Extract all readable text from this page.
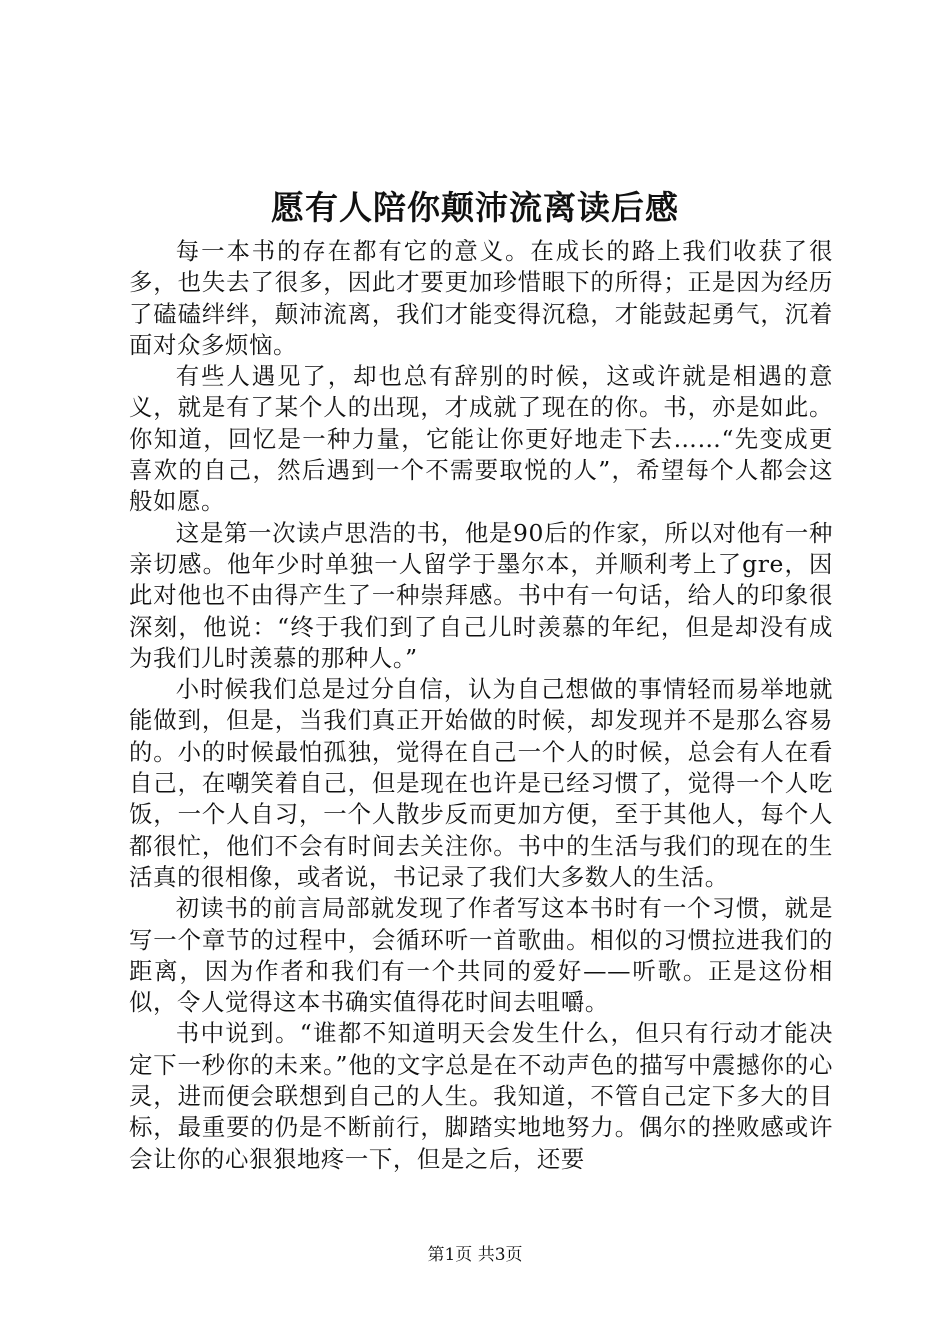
愿有人陪你颠沛流离读后感

每一本书的存在都有它的意义。在成长的路上我们收获了很多，也失去了很多，因此才要更加珍惜眼下的所得；正是因为经历了磕磕绊绊，颠沛流离，我们才能变得沉稳，才能鼓起勇气，沉着面对众多烦恼。

有些人遇见了，却也总有辞别的时候，这或许就是相遇的意义，就是有了某个人的出现，才成就了现在的你。书，亦是如此。你知道，回忆是一种力量，它能让你更好地走下去……“先变成更喜欢的自己，然后遇到一个不需要取悦的人”，希望每个人都会这般如愿。

这是第一次读卢思浩的书，他是90后的作家，所以对他有一种亲切感。他年少时单独一人留学于墨尔本，并顺利考上了gre，因此对他也不由得产生了一种崇拜感。书中有一句话，给人的印象很深刻，他说：“终于我们到了自己儿时羡慕的年纪，但是却没有成为我们儿时羡慕的那种人。”

小时候我们总是过分自信，认为自己想做的事情轻而易举地就能做到，但是，当我们真正开始做的时候，却发现并不是那么容易的。小的时候最怕孤独，觉得在自己一个人的时候，总会有人在看自己，在嘲笑着自己，但是现在也许是已经习惯了，觉得一个人吃饭，一个人自习，一个人散步反而更加方便，至于其他人，每个人都很忙，他们不会有时间去关注你。书中的生活与我们的现在的生活真的很相像，或者说，书记录了我们大多数人的生活。

初读书的前言局部就发现了作者写这本书时有一个习惯，就是写一个章节的过程中，会循环听一首歌曲。相似的习惯拉进我们的距离，因为作者和我们有一个共同的爱好——听歌。正是这份相似，令人觉得这本书确实值得花时间去咀嚼。

书中说到。“谁都不知道明天会发生什么，但只有行动才能决定下一秒你的未来。”他的文字总是在不动声色的描写中震撼你的心灵，进而便会联想到自己的人生。我知道，不管自己定下多大的目标，最重要的仍是不断前行，脚踏实地地努力。偶尔的挫败感或许会让你的心狠狠地疼一下，但是之后，还要

第1页 共3页
